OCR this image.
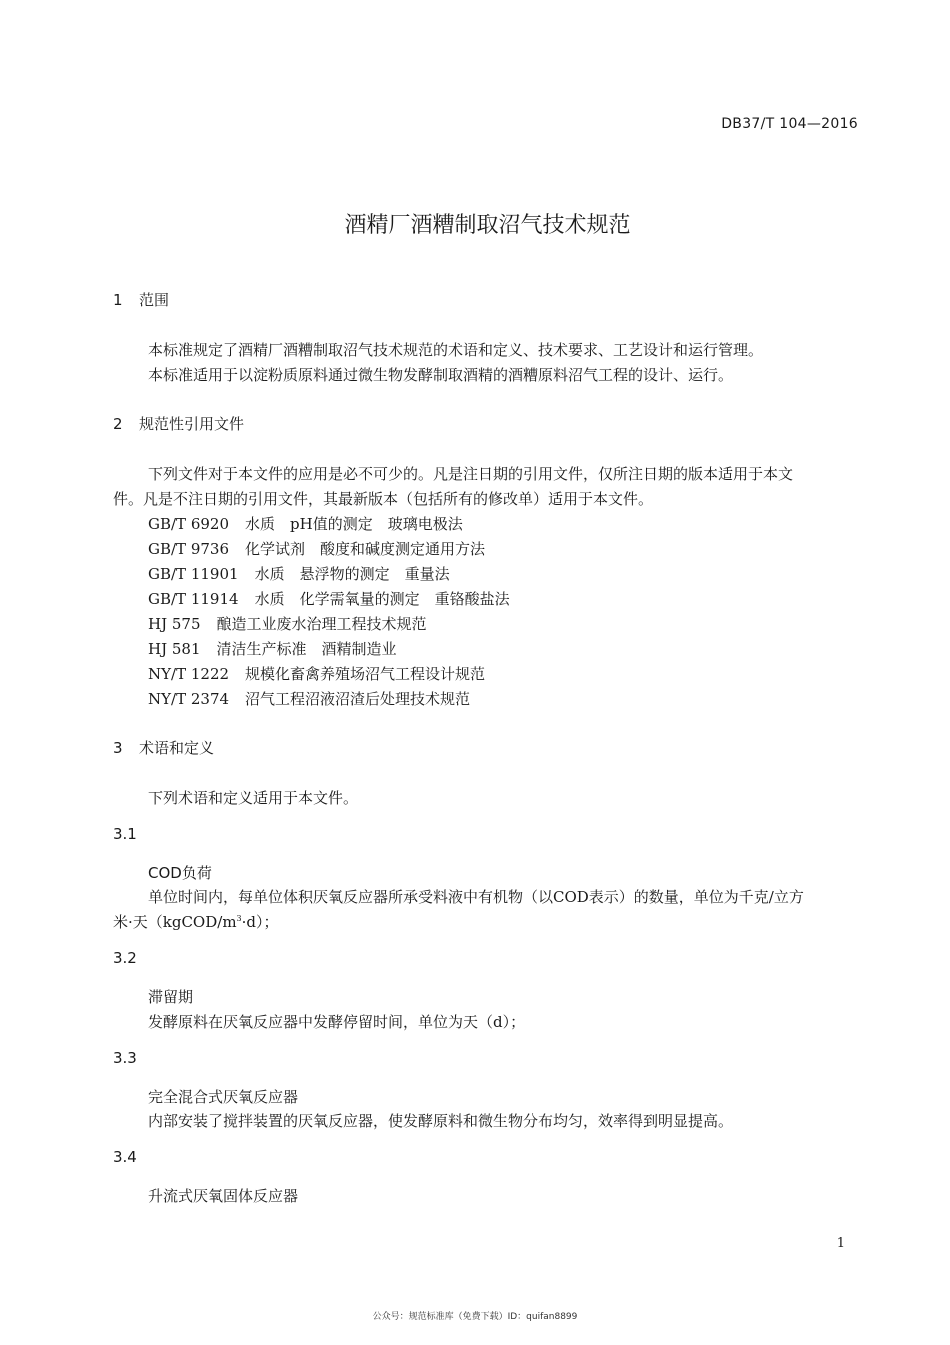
DB37/T 104—2016
酒精厂酒糟制取沼气技术规范
1 范围
本标准规定了酒精厂酒糟制取沼气技术规范的术语和定义、技术要求、工艺设计和运行管理。
本标准适用于以淀粉质原料通过微生物发酵制取酒精的酒糟原料沼气工程的设计、运行。
2 规范性引用文件
下列文件对于本文件的应用是必不可少的。凡是注日期的引用文件，仅所注日期的版本适用于本文
件。凡是不注日期的引用文件，其最新版本（包括所有的修改单）适用于本文件。
GB/T 6920 水质　pH值的测定　玻璃电极法
GB/T 9736 化学试剂　酸度和碱度测定通用方法
GB/T 11901 水质　悬浮物的测定　重量法
GB/T 11914 水质　化学需氧量的测定　重铬酸盐法
HJ 575 酿造工业废水治理工程技术规范
HJ 581 清洁生产标准　酒精制造业
NY/T 1222 规模化畜禽养殖场沼气工程设计规范
NY/T 2374 沼气工程沼液沼渣后处理技术规范
3 术语和定义
下列术语和定义适用于本文件。
3.1
COD负荷
单位时间内，每单位体积厌氧反应器所承受料液中有机物（以COD表示）的数量，单位为千克/立方
米·天$(kgCOD/m^3\cdot d)$；
3.2
滞留期
发酵原料在厌氧反应器中发酵停留时间，单位为天（d）；
3.3
完全混合式厌氧反应器
内部安装了搅拌装置的厌氧反应器，使发酵原料和微生物分布均匀，效率得到明显提高。
3.4
升流式厌氧固体反应器
1
公众号：规范标准库（免费下载）ID：quifan8899
